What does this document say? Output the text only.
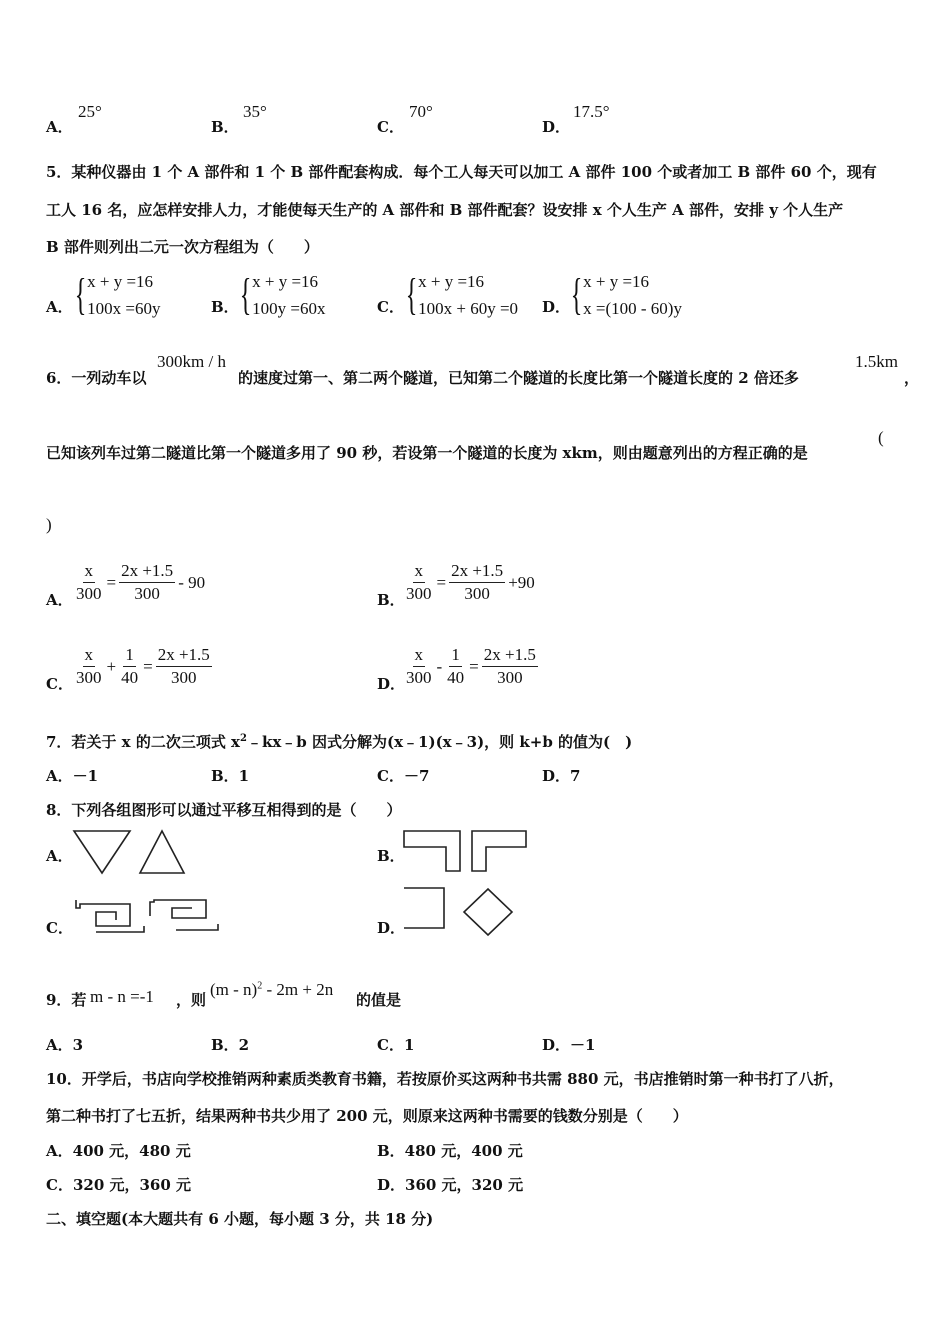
A．
25°
B．
35°
C．
70°
D．
17.5°
5．某种仪器由 1 个 A 部件和 1 个 B 部件配套构成．每个工人每天可以加工 A 部件 100 个或者加工 B 部件 60 个，现有
工人 16 名，应怎样安排人力，才能使每天生产的 A 部件和 B 部件配套？设安排 x 个人生产 A 部件，安排 y 个人生产
B 部件则列出二元一次方程组为（　　）
A． { x + y =16
100x =60y	B． { x + y =16
100y =60x	C． { x + y =16
100x + 60y =0 D． { x + y =16
x =(100 - 60)y
6．一列动车以
300km / h
的速度过第一、第二两个隧道，已知第二个隧道的长度比第一个隧道长度的 2 倍还多
1.5km
，
已知该列车过第二隧道比第一个隧道多用了 90 秒，若设第一个隧道的长度为 xkm，则由题意列出的方程正确的是
(
)
A． $\frac{x}{300} = \frac{2x +1.5}{300} - 90$
B． $\frac{x}{300} = \frac{2x +1.5}{300} +90$
C． $\frac{x}{300} + \frac{1}{40} = \frac{2x +1.5}{300}$	D．
$\frac{x}{300} - \frac{1}{40} = \frac{2x +1.5}{300}$
7．若关于 x 的二次三项式 $x^2﹣kx﹣b$ 因式分解为(x﹣1)(x﹣3)，则 k+b 的值为(　)
A．－1	B．1	C．－7	D．7
8．下列各组图形可以通过平移互相得到的是（　　）
A．	B．
C．	D．
9．若 m - n =-1 ，则
(m - n)$^2$ - 2m + 2n
的值是
A．3	B．2	C．1	D．－1
10．开学后，书店向学校推销两种素质类教育书籍，若按原价买这两种书共需 880 元，书店推销时第一种书打了八折，
第二种书打了七五折，结果两种书共少用了 200 元，则原来这两种书需要的钱数分别是（　　）
A．400 元，480 元	B．480 元，400 元
C．320 元，360 元	D．360 元，320 元
二、填空题(本大题共有 6 小题，每小题 3 分，共 18 分)
